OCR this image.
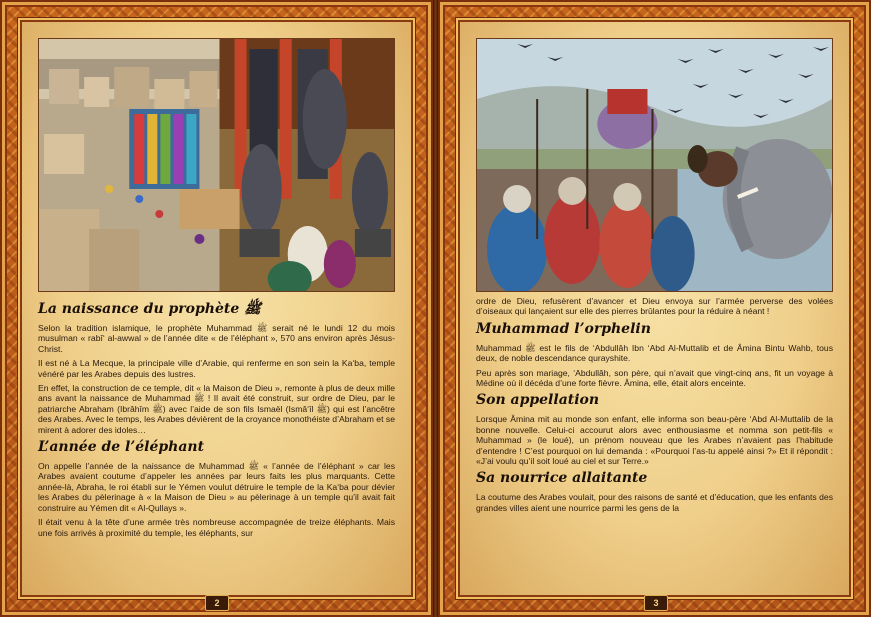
La naissance du prophète ﷺ

Selon la tradition islamique, le prophète Muhammad ﷺ serait né le lundi 12 du mois musulman « rabî‘ al-awwal » de l’année dite « de l’éléphant », 570 ans environ après Jésus-Christ.

Il est né à La Mecque, la principale ville d’Arabie, qui renferme en son sein la Ka‘ba, temple vénéré par les Arabes depuis des lustres.

En effet, la construction de ce temple, dit « la Maison de Dieu », remonte à plus de deux mille ans avant la naissance de Muhammad ﷺ ! Il avait été construit, sur ordre de Dieu, par le patriarche Abraham (Ibrâhîm ﷺ) avec l’aide de son fils Ismaël (Ismâ‘îl ﷺ) qui est l’ancêtre des Arabes. Avec le temps, les Arabes dévièrent de la croyance monothéiste d’Abraham et se mirent à adorer des idoles…

L’année de l’éléphant

On appelle l’année de la naissance de Muhammad ﷺ « l’année de l’éléphant » car les Arabes avaient coutume d’appeler les années par leurs faits les plus marquants. Cette année-là, Abraha, le roi établi sur le Yémen voulut détruire le temple de la Ka‘ba pour dévier les Arabes du pèlerinage à « la Maison de Dieu » au pèlerinage à un temple qu’il avait fait construire au Yémen dit « Al-Qullays ».

Il était venu à la tête d’une armée très nombreuse accompagnée de treize éléphants. Mais une fois arrivés à proximité du temple, les éléphants, sur

2

ordre de Dieu, refusèrent d’avancer et Dieu envoya sur l’armée perverse des volées d’oiseaux qui lançaient sur elle des pierres brûlantes pour la réduire à néant !

Muhammad l’orphelin

Muhammad ﷺ est le fils de ‘Abdullâh Ibn ‘Abd Al-Muttalib et de Âmina Bintu Wahb, tous deux, de noble descendance qurayshite.

Peu après son mariage, ‘Abdullâh, son père, qui n’avait que vingt-cinq ans, fit un voyage à Médine où il décéda d’une forte fièvre. Âmina, elle, était alors enceinte.

Son appellation

Lorsque Âmina mit au monde son enfant, elle informa son beau-père ‘Abd Al-Muttalib de la bonne nouvelle. Celui-ci accourut alors avec enthousiasme et nomma son petit-fils « Muhammad » (le loué), un prénom nouveau que les Arabes n’avaient pas l’habitude d’entendre ! C’est pourquoi on lui demanda : «Pourquoi l’as-tu appelé ainsi ?» Et il répondit : «J’ai voulu qu’il soit loué au ciel et sur Terre.»

Sa nourrice allaitante

La coutume des Arabes voulait, pour des raisons de santé et d’éducation, que les enfants des grandes villes aient une nourrice parmi les gens de la

3
